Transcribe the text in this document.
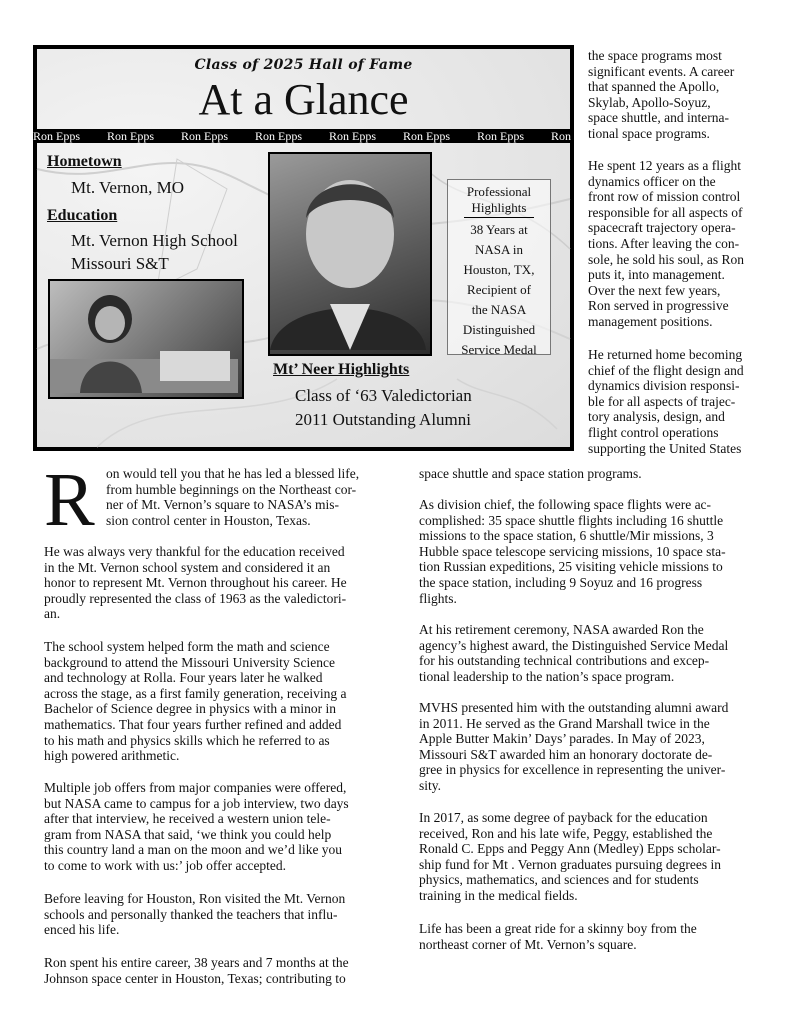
Class of 2025 Hall of Fame
At a Glance
Ron Epps Ron Epps Ron Epps Ron Epps Ron Epps Ron Epps Ron Epps Ron Epps
Hometown
Mt. Vernon, MO
Education
Mt. Vernon High School
Missouri S&T
Professional
Highlights
38 Years at
NASA in
Houston, TX,
Recipient of
the NASA
Distinguished
Service Medal
Mt’ Neer Highlights
Class of ‘63 Valedictorian
2011 Outstanding Alumni

the space programs most
significant events. A career
that spanned the Apollo,
Skylab, Apollo-Soyuz,
space shuttle, and interna-
tional space programs.

He spent 12 years as a flight
dynamics officer on the
front row of mission control
responsible for all aspects of
spacecraft trajectory opera-
tions. After leaving the con-
sole, he sold his soul, as Ron
puts it, into management.
Over the next few years,
Ron served in progressive
management positions.

He returned home becoming
chief of the flight design and
dynamics division responsi-
ble for all aspects of trajec-
tory analysis, design, and
flight control operations
supporting the United States

R on would tell you that he has led a blessed life,
from humble beginnings on the Northeast cor-
ner of Mt. Vernon’s square to NASA’s mis-
sion control center in Houston, Texas.

He was always very thankful for the education received
in the Mt. Vernon school system and considered it an
honor to represent Mt. Vernon throughout his career. He
proudly represented the class of 1963 as the valedictori-
an.

The school system helped form the math and science
background to attend the Missouri University Science
and technology at Rolla. Four years later he walked
across the stage, as a first family generation, receiving a
Bachelor of Science degree in physics with a minor in
mathematics. That four years further refined and added
to his math and physics skills which he referred to as
high powered arithmetic.

Multiple job offers from major companies were offered,
but NASA came to campus for a job interview, two days
after that interview, he received a western union tele-
gram from NASA that said, ‘we think you could help
this country land a man on the moon and we’d like you
to come to work with us:’ job offer accepted.

Before leaving for Houston, Ron visited the Mt. Vernon
schools and personally thanked the teachers that influ-
enced his life.

Ron spent his entire career, 38 years and 7 months at the
Johnson space center in Houston, Texas; contributing to

space shuttle and space station programs.

As division chief, the following space flights were ac-
complished: 35 space shuttle flights including 16 shuttle
missions to the space station, 6 shuttle/Mir missions, 3
Hubble space telescope servicing missions, 10 space sta-
tion Russian expeditions, 25 visiting vehicle missions to
the space station, including 9 Soyuz and 16 progress
flights.

At his retirement ceremony, NASA awarded Ron the
agency’s highest award, the Distinguished Service Medal
for his outstanding technical contributions and excep-
tional leadership to the nation’s space program.

MVHS presented him with the outstanding alumni award
in 2011. He served as the Grand Marshall twice in the
Apple Butter Makin’ Days’ parades. In May of 2023,
Missouri S&T awarded him an honorary doctorate de-
gree in physics for excellence in representing the univer-
sity.

In 2017, as some degree of payback for the education
received, Ron and his late wife, Peggy, established the
Ronald C. Epps and Peggy Ann (Medley) Epps scholar-
ship fund for Mt . Vernon graduates pursuing degrees in
physics, mathematics, and sciences and for students
training in the medical fields.

Life has been a great ride for a skinny boy from the
northeast corner of Mt. Vernon’s square.
